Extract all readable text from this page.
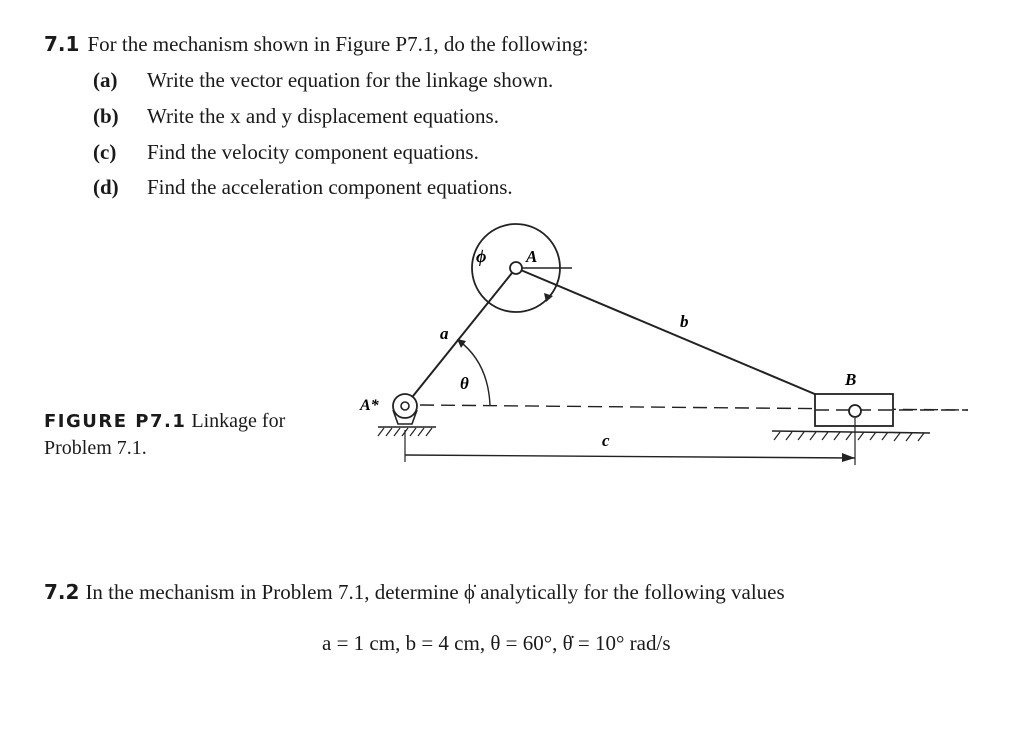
7.1 For the mechanism shown in Figure P7.1, do the following:
(a) Write the vector equation for the linkage shown.
(b) Write the x and y displacement equations.
(c) Find the velocity component equations.
(d) Find the acceleration component equations.
FIGURE P7.1 Linkage for Problem 7.1.
ϕ A
a
θ
b
A*
B
c
7.2 In the mechanism in Problem 7.1, determine ϕ̇ analytically for the following values
a = 1 cm, b = 4 cm, θ = 60°, θ̇ = 10° rad/s
